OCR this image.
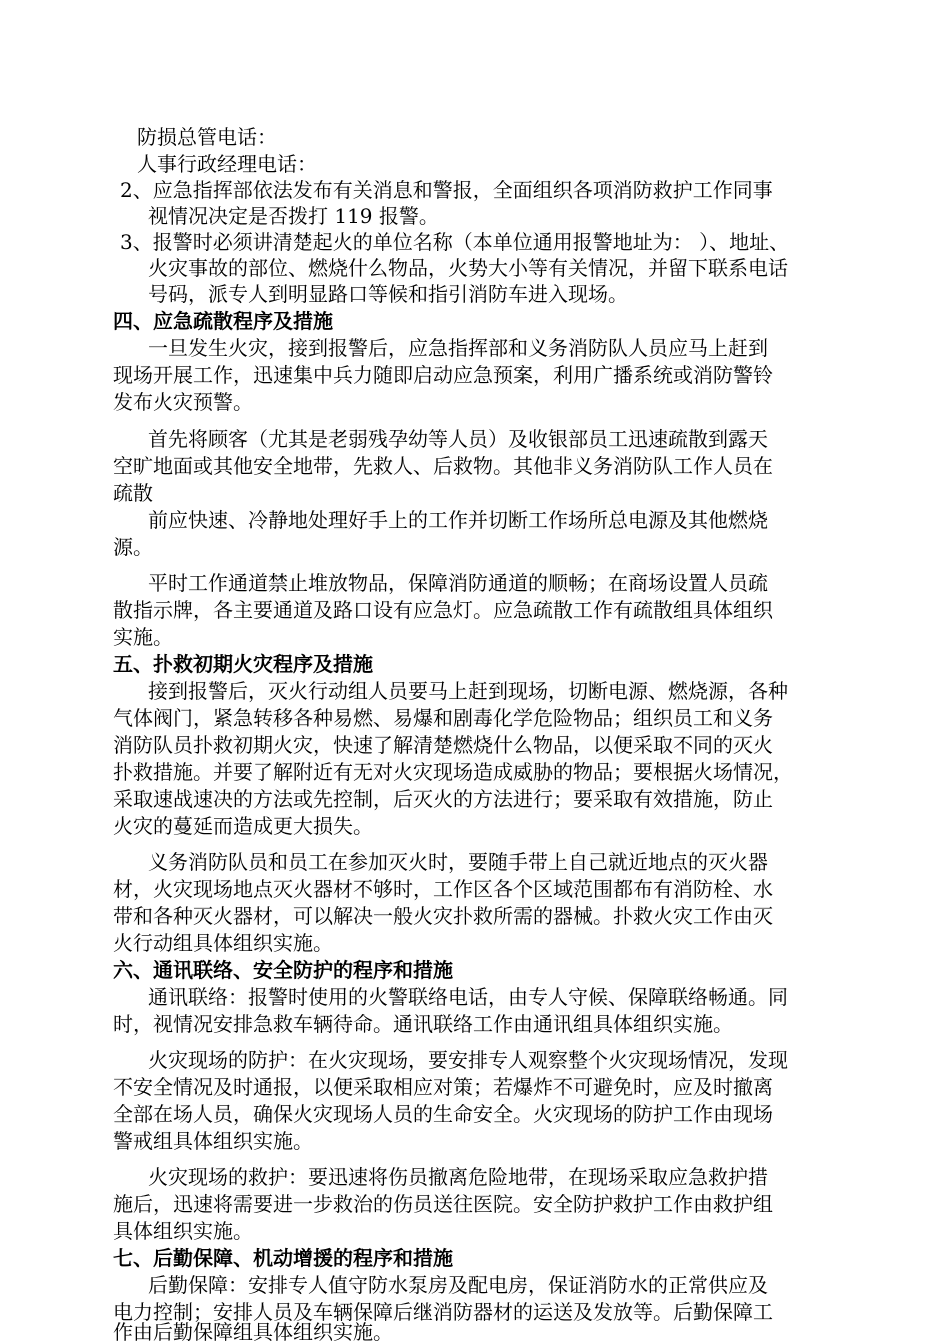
防损总管电话：
人事行政经理电话：
2、应急指挥部依法发布有关消息和警报，全面组织各项消防救护工作同事
视情况决定是否拨打 119 报警。
3、报警时必须讲清楚起火的单位名称（本单位通用报警地址为： ）、地址、
火灾事故的部位、燃烧什么物品，火势大小等有关情况，并留下联系电话
号码，派专人到明显路口等候和指引消防车进入现场。
四、应急疏散程序及措施
一旦发生火灾，接到报警后，应急指挥部和义务消防队人员应马上赶到
现场开展工作，迅速集中兵力随即启动应急预案，利用广播系统或消防警铃
发布火灾预警。
首先将顾客（尤其是老弱残孕幼等人员）及收银部员工迅速疏散到露天
空旷地面或其他安全地带，先救人、后救物。其他非义务消防队工作人员在
疏散
前应快速、冷静地处理好手上的工作并切断工作场所总电源及其他燃烧
源。
平时工作通道禁止堆放物品，保障消防通道的顺畅；在商场设置人员疏
散指示牌，各主要通道及路口设有应急灯。应急疏散工作有疏散组具体组织
实施。
五、扑救初期火灾程序及措施
接到报警后，灭火行动组人员要马上赶到现场，切断电源、燃烧源，各种
气体阀门，紧急转移各种易燃、易爆和剧毒化学危险物品；组织员工和义务
消防队员扑救初期火灾，快速了解清楚燃烧什么物品，以便采取不同的灭火
扑救措施。并要了解附近有无对火灾现场造成威胁的物品；要根据火场情况，
采取速战速决的方法或先控制，后灭火的方法进行；要采取有效措施，防止
火灾的蔓延而造成更大损失。
义务消防队员和员工在参加灭火时，要随手带上自己就近地点的灭火器
材，火灾现场地点灭火器材不够时，工作区各个区域范围都布有消防栓、水
带和各种灭火器材，可以解决一般火灾扑救所需的器械。扑救火灾工作由灭
火行动组具体组织实施。
六、通讯联络、安全防护的程序和措施
通讯联络：报警时使用的火警联络电话，由专人守候、保障联络畅通。同
时，视情况安排急救车辆待命。通讯联络工作由通讯组具体组织实施。
火灾现场的防护：在火灾现场，要安排专人观察整个火灾现场情况，发现
不安全情况及时通报，以便采取相应对策；若爆炸不可避免时，应及时撤离
全部在场人员，确保火灾现场人员的生命安全。火灾现场的防护工作由现场
警戒组具体组织实施。
火灾现场的救护：要迅速将伤员撤离危险地带，在现场采取应急救护措
施后，迅速将需要进一步救治的伤员送往医院。安全防护救护工作由救护组
具体组织实施。
七、后勤保障、机动增援的程序和措施
后勤保障：安排专人值守防水泵房及配电房，保证消防水的正常供应及
电力控制；安排人员及车辆保障后继消防器材的运送及发放等。后勤保障工
作由后勤保障组具体组织实施。
